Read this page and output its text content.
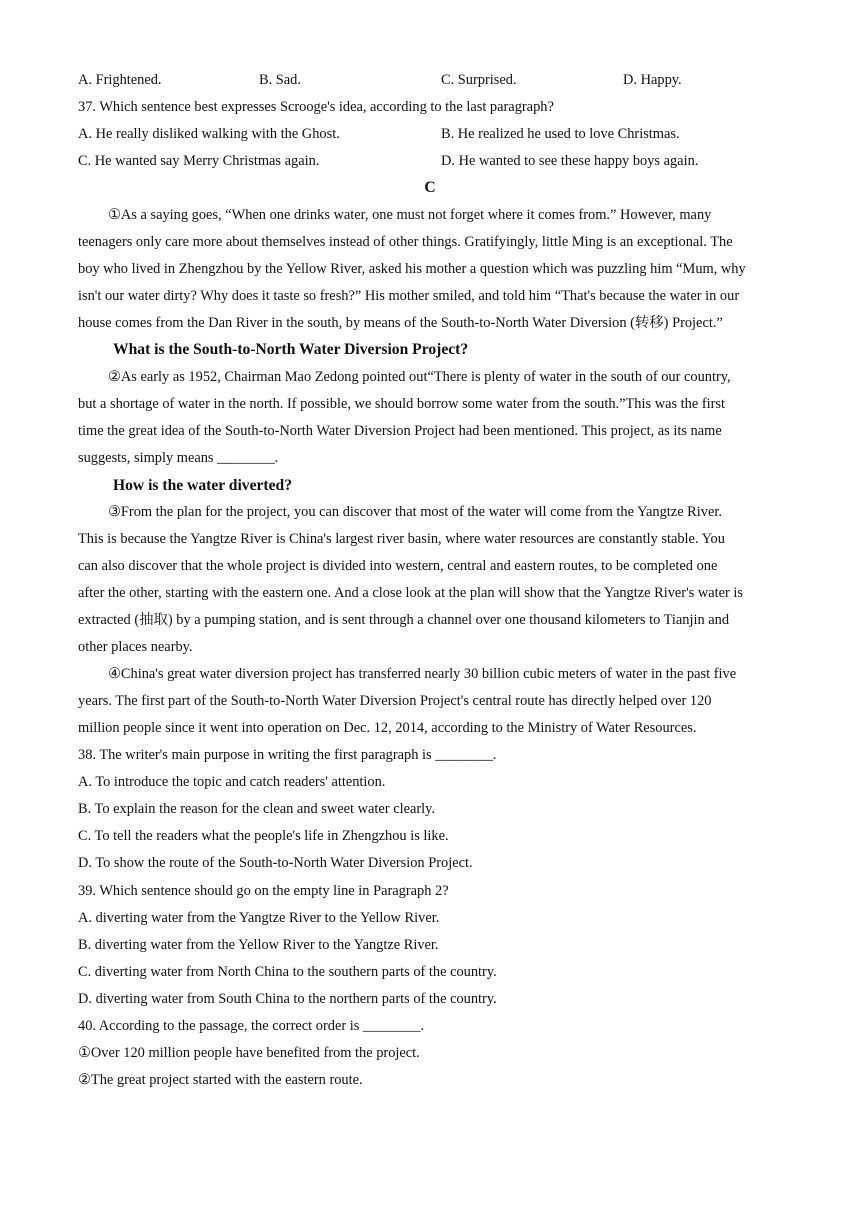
A. Frightened.	B. Sad.	C. Surprised.	D. Happy.
37. Which sentence best expresses Scrooge's idea, according to the last paragraph?
A. He really disliked walking with the Ghost.	B. He realized he used to love Christmas.
C. He wanted say Merry Christmas again.	D. He wanted to see these happy boys again.
C
①As a saying goes, “When one drinks water, one must not forget where it comes from.” However, many
teenagers only care more about themselves instead of other things. Gratifyingly, little Ming is an exceptional. The
boy who lived in Zhengzhou by the Yellow River, asked his mother a question which was puzzling him “Mum, why
isn't our water dirty? Why does it taste so fresh?” His mother smiled, and told him “That's because the water in our
house comes from the Dan River in the south, by means of the South-to-North Water Diversion (转移) Project.”
What is the South-to-North Water Diversion Project?
②As early as 1952, Chairman Mao Zedong pointed out“There is plenty of water in the south of our country,
but a shortage of water in the north. If possible, we should borrow some water from the south.”This was the first
time the great idea of the South-to-North Water Diversion Project had been mentioned. This project, as its name
suggests, simply means ________.
How is the water diverted?
③From the plan for the project, you can discover that most of the water will come from the Yangtze River.
This is because the Yangtze River is China's largest river basin, where water resources are constantly stable. You
can also discover that the whole project is divided into western, central and eastern routes, to be completed one
after the other, starting with the eastern one. And a close look at the plan will show that the Yangtze River's water is
extracted (抽取) by a pumping station, and is sent through a channel over one thousand kilometers to Tianjin and
other places nearby.
④China's great water diversion project has transferred nearly 30 billion cubic meters of water in the past five
years. The first part of the South-to-North Water Diversion Project's central route has directly helped over 120
million people since it went into operation on Dec. 12, 2014, according to the Ministry of Water Resources.
38. The writer's main purpose in writing the first paragraph is ________.
A. To introduce the topic and catch readers' attention.
B. To explain the reason for the clean and sweet water clearly.
C. To tell the readers what the people's life in Zhengzhou is like.
D. To show the route of the South-to-North Water Diversion Project.
39. Which sentence should go on the empty line in Paragraph 2?
A. diverting water from the Yangtze River to the Yellow River.
B. diverting water from the Yellow River to the Yangtze River.
C. diverting water from North China to the southern parts of the country.
D. diverting water from South China to the northern parts of the country.
40. According to the passage, the correct order is ________.
①Over 120 million people have benefited from the project.
②The great project started with the eastern route.
